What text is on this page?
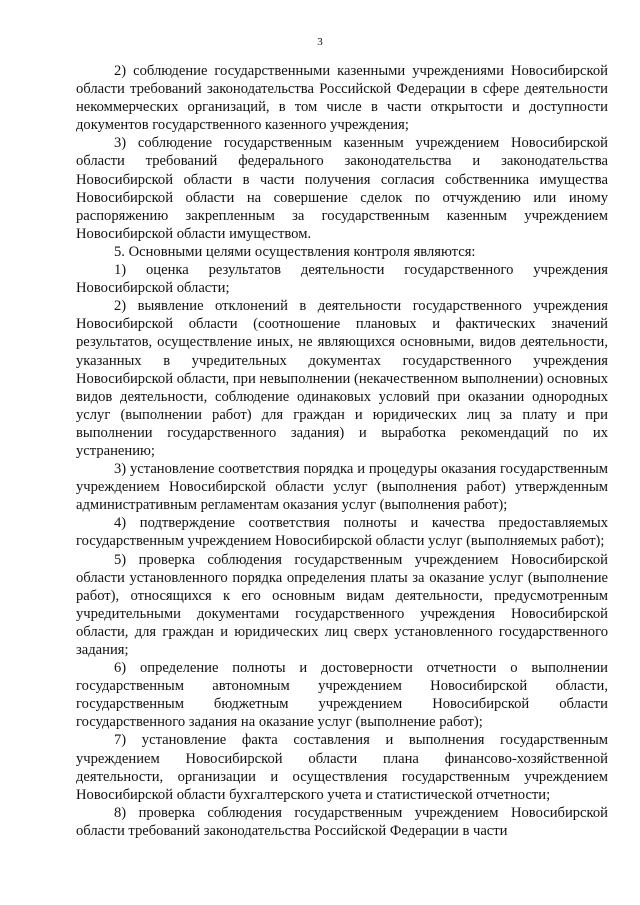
3

2) соблюдение государственными казенными учреждениями Новосибирской области требований законодательства Российской Федерации в сфере деятельности некоммерческих организаций, в том числе в части открытости и доступности документов государственного казенного учреждения;

3) соблюдение государственным казенным учреждением Новосибирской области требований федерального законодательства и законодательства Новосибирской области в части получения согласия собственника имущества Новосибирской области на совершение сделок по отчуждению или иному распоряжению закрепленным за государственным казенным учреждением Новосибирской области имуществом.

5. Основными целями осуществления контроля являются:

1) оценка результатов деятельности государственного учреждения Новосибирской области;

2) выявление отклонений в деятельности государственного учреждения Новосибирской области (соотношение плановых и фактических значений результатов, осуществление иных, не являющихся основными, видов деятельности, указанных в учредительных документах государственного учреждения Новосибирской области, при невыполнении (некачественном выполнении) основных видов деятельности, соблюдение одинаковых условий при оказании однородных услуг (выполнении работ) для граждан и юридических лиц за плату и при выполнении государственного задания) и выработка рекомендаций по их устранению;

3) установление соответствия порядка и процедуры оказания государственным учреждением Новосибирской области услуг (выполнения работ) утвержденным административным регламентам оказания услуг (выполнения работ);

4) подтверждение соответствия полноты и качества предоставляемых государственным учреждением Новосибирской области услуг (выполняемых работ);

5) проверка соблюдения государственным учреждением Новосибирской области установленного порядка определения платы за оказание услуг (выполнение работ), относящихся к его основным видам деятельности, предусмотренным учредительными документами государственного учреждения Новосибирской области, для граждан и юридических лиц сверх установленного государственного задания;

6) определение полноты и достоверности отчетности о выполнении государственным автономным учреждением Новосибирской области, государственным бюджетным учреждением Новосибирской области государственного задания на оказание услуг (выполнение работ);

7) установление факта составления и выполнения государственным учреждением Новосибирской области плана финансово-хозяйственной деятельности, организации и осуществления государственным учреждением Новосибирской области бухгалтерского учета и статистической отчетности;

8) проверка соблюдения государственным учреждением Новосибирской области требований законодательства Российской Федерации в части
